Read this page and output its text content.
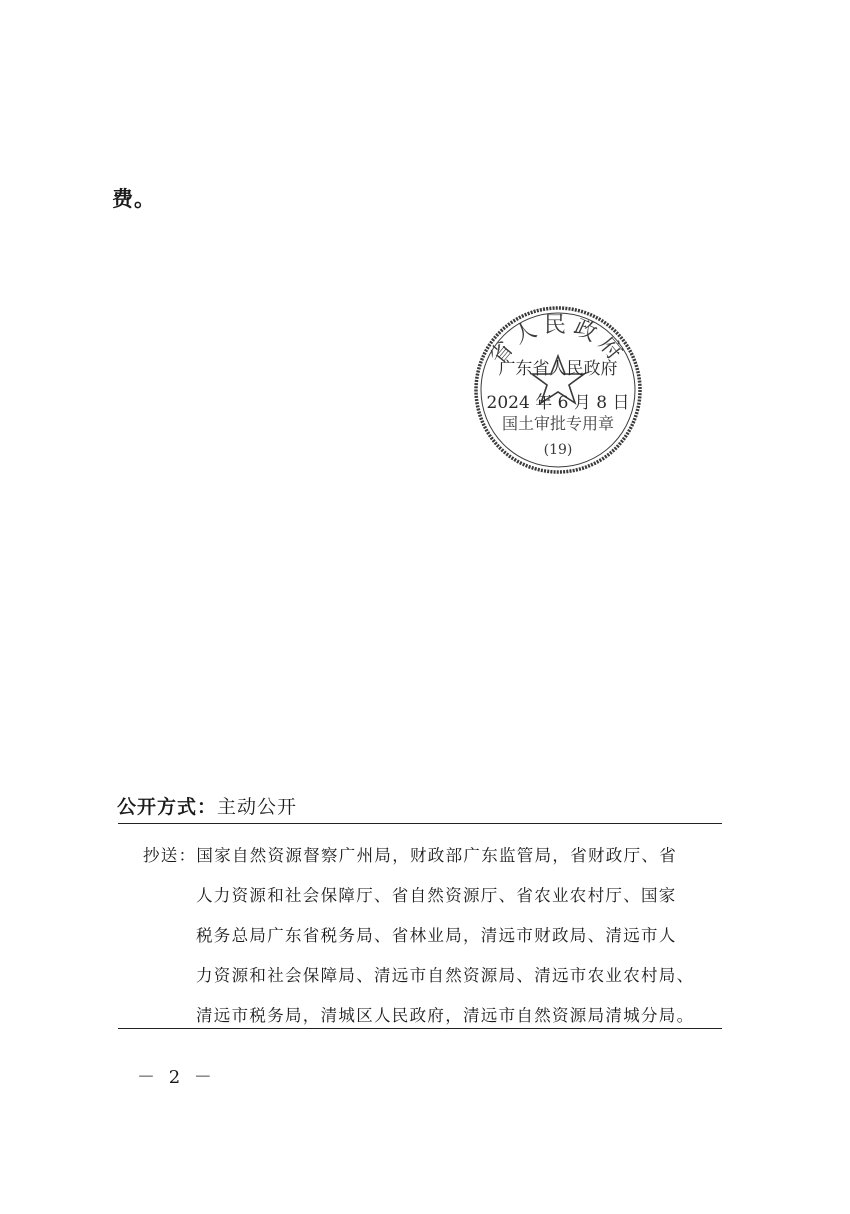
费。
省人民政府
广东省人民政府
2024 年 6 月 8 日
国土审批专用章
(19)
公开方式：主动公开
抄送：国家自然资源督察广州局，财政部广东监管局，省财政厅、省
人力资源和社会保障厅、省自然资源厅、省农业农村厅、国家
税务总局广东省税务局、省林业局，清远市财政局、清远市人
力资源和社会保障局、清远市自然资源局、清远市农业农村局、
清远市税务局，清城区人民政府，清远市自然资源局清城分局。
－ 2 －
